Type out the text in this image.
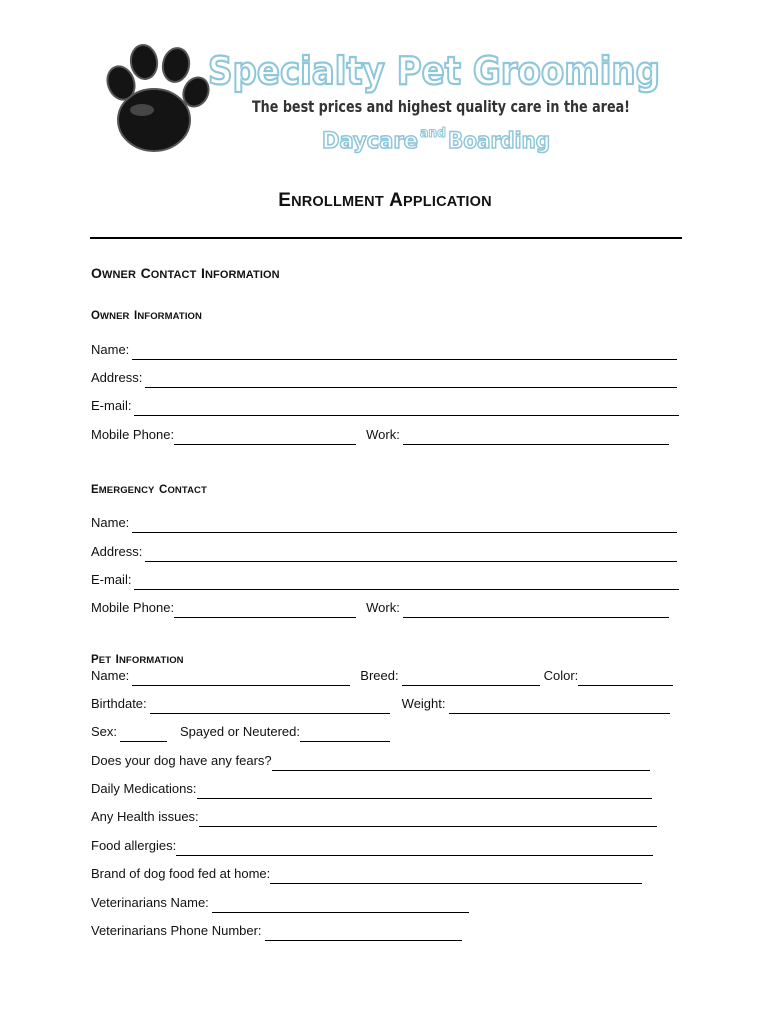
Specialty Pet Grooming
The best prices and highest quality care in the area!
Daycare and Boarding
ENROLLMENT APPLICATION
OWNER CONTACT INFORMATION
OWNER INFORMATION
Name:
Address:
E-mail:
Mobile Phone:	Work:
EMERGENCY CONTACT
Name:
Address:
E-mail:
Mobile Phone:	Work:
PET INFORMATION
Name:	Breed:	Color:
Birthdate:	Weight:
Sex:	Spayed or Neutered:
Does your dog have any fears?
Daily Medications:
Any Health issues:
Food allergies:
Brand of dog food fed at home:
Veterinarians Name:
Veterinarians Phone Number:
